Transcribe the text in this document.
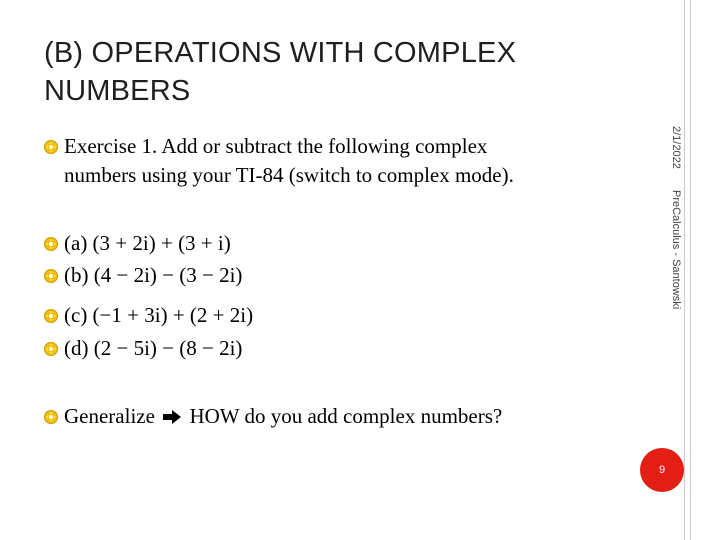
(B) OPERATIONS WITH COMPLEX NUMBERS
Exercise 1. Add or subtract the following complex
numbers using your TI-84 (switch to complex mode).
(a) (3 + 2i) + (3 + i)
(b) (4 − 2i) − (3 − 2i)
(c) (−1 + 3i) + (2 + 2i)
(d) (2 − 5i) − (8 − 2i)
Generalize HOW do you add complex numbers?
2/1/2022
PreCalculus - Santowski
9
